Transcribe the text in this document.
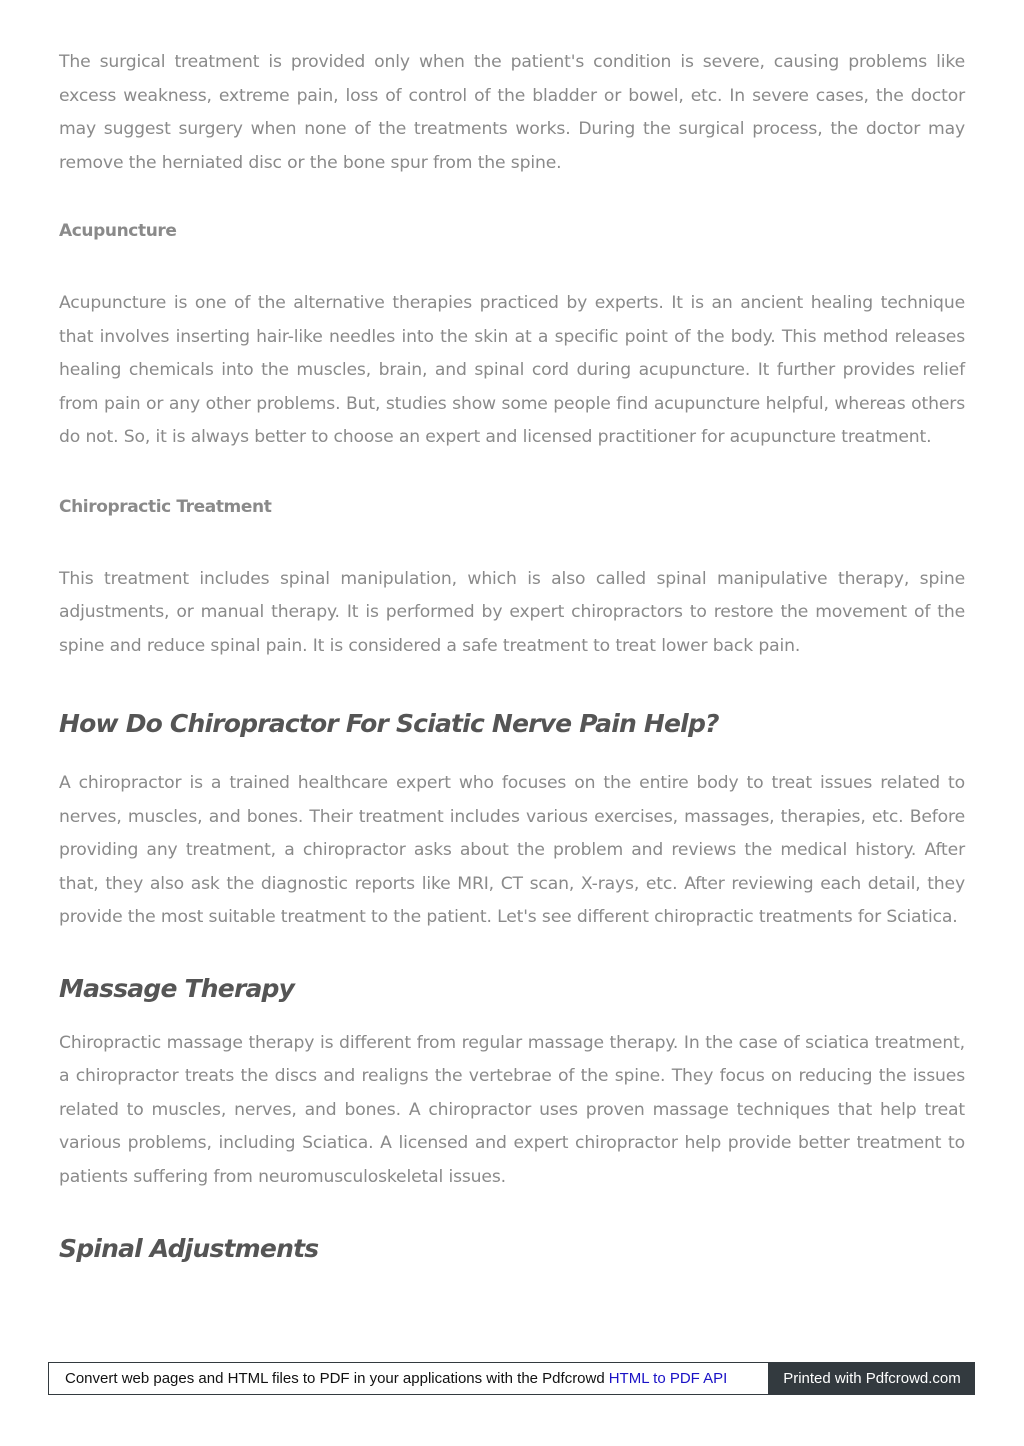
The surgical treatment is provided only when the patient's condition is severe, causing problems like excess weakness, extreme pain, loss of control of the bladder or bowel, etc. In severe cases, the doctor may suggest surgery when none of the treatments works. During the surgical process, the doctor may remove the herniated disc or the bone spur from the spine.

Acupuncture

Acupuncture is one of the alternative therapies practiced by experts. It is an ancient healing technique that involves inserting hair-like needles into the skin at a specific point of the body. This method releases healing chemicals into the muscles, brain, and spinal cord during acupuncture. It further provides relief from pain or any other problems. But, studies show some people find acupuncture helpful, whereas others do not. So, it is always better to choose an expert and licensed practitioner for acupuncture treatment.

Chiropractic Treatment

This treatment includes spinal manipulation, which is also called spinal manipulative therapy, spine adjustments, or manual therapy. It is performed by expert chiropractors to restore the movement of the spine and reduce spinal pain. It is considered a safe treatment to treat lower back pain.

How Do Chiropractor For Sciatic Nerve Pain Help?

A chiropractor is a trained healthcare expert who focuses on the entire body to treat issues related to nerves, muscles, and bones. Their treatment includes various exercises, massages, therapies, etc. Before providing any treatment, a chiropractor asks about the problem and reviews the medical history. After that, they also ask the diagnostic reports like MRI, CT scan, X-rays, etc. After reviewing each detail, they provide the most suitable treatment to the patient. Let's see different chiropractic treatments for Sciatica.

Massage Therapy

Chiropractic massage therapy is different from regular massage therapy. In the case of sciatica treatment, a chiropractor treats the discs and realigns the vertebrae of the spine. They focus on reducing the issues related to muscles, nerves, and bones. A chiropractor uses proven massage techniques that help treat various problems, including Sciatica. A licensed and expert chiropractor help provide better treatment to patients suffering from neuromusculoskeletal issues.

Spinal Adjustments
Convert web pages and HTML files to PDF in your applications with the Pdfcrowd HTML to PDF API	Printed with Pdfcrowd.com
